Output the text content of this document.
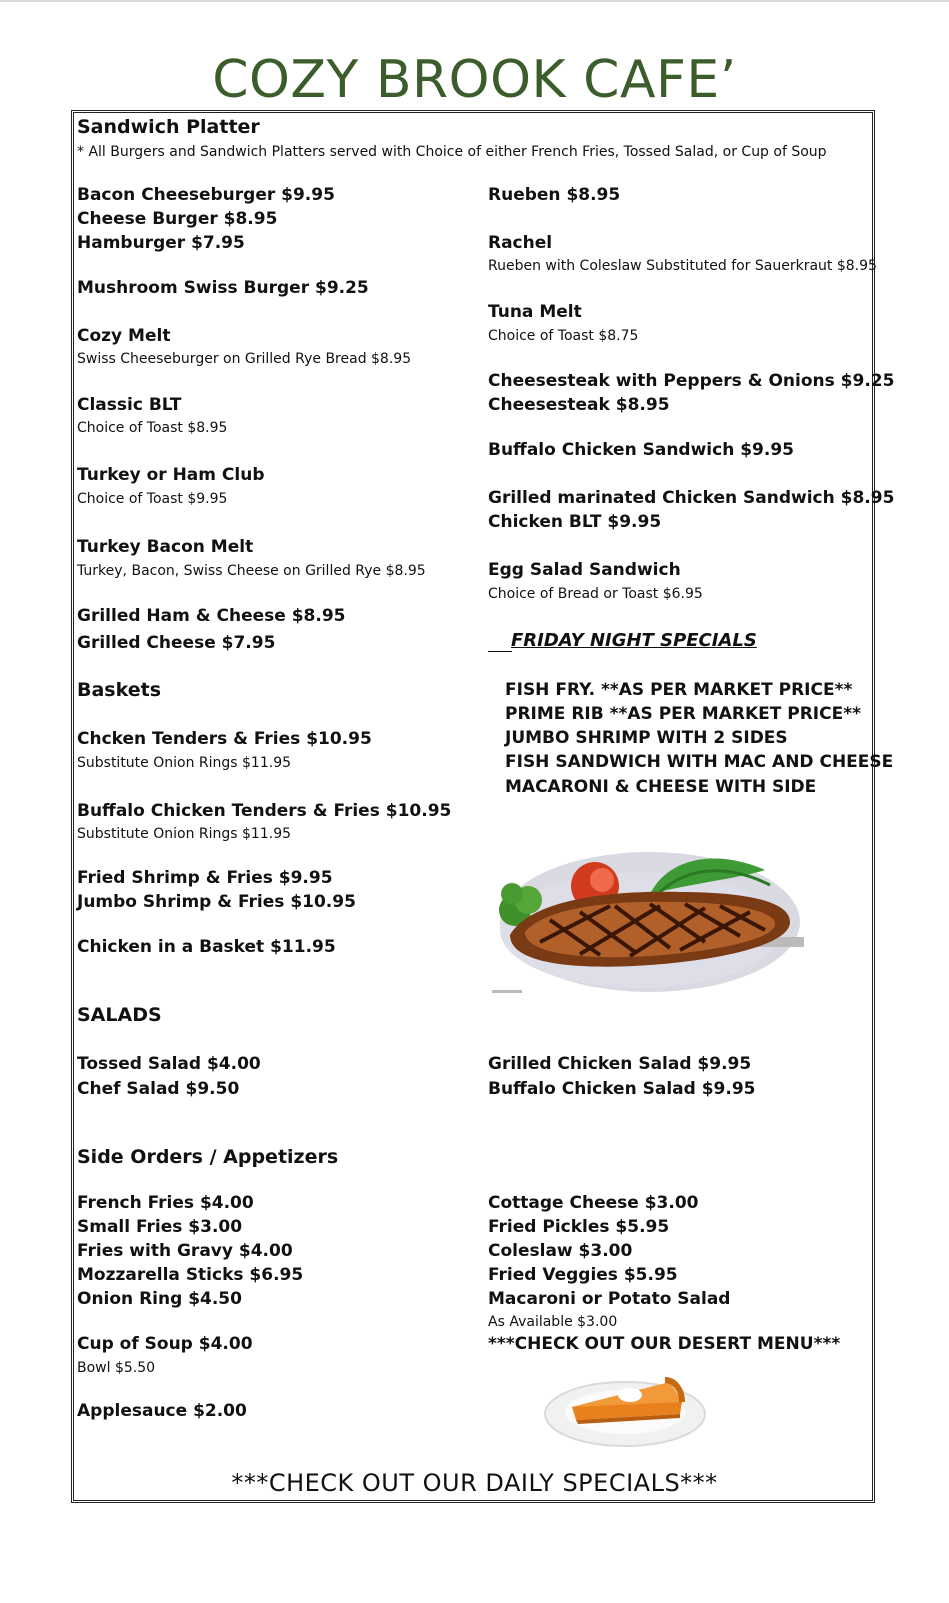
COZY BROOK CAFE’
Sandwich Platter
* All Burgers and Sandwich Platters served with Choice of either French Fries, Tossed Salad, or Cup of Soup
Bacon Cheeseburger $9.95
Cheese Burger $8.95
Hamburger $7.95
Mushroom Swiss Burger $9.25
Cozy Melt
Swiss Cheeseburger on Grilled Rye Bread $8.95
Classic BLT
Choice of Toast $8.95
Turkey or Ham Club
Choice of Toast $9.95
Turkey Bacon Melt
Turkey, Bacon, Swiss Cheese on Grilled Rye $8.95
Grilled Ham & Cheese $8.95
Grilled Cheese $7.95
Rueben $8.95
Rachel
Rueben with Coleslaw Substituted for Sauerkraut $8.95
Tuna Melt
Choice of Toast $8.75
Cheesesteak with Peppers & Onions $9.25
Cheesesteak $8.95
Buffalo Chicken Sandwich $9.95
Grilled marinated Chicken Sandwich $8.95
Chicken BLT $9.95
Egg Salad Sandwich
Choice of Bread or Toast $6.95
FRIDAY NIGHT SPECIALS
FISH FRY. **AS PER MARKET PRICE**
PRIME RIB **AS PER MARKET PRICE**
JUMBO SHRIMP WITH 2 SIDES
FISH SANDWICH WITH MAC AND CHEESE
MACARONI & CHEESE WITH SIDE
Baskets
Chcken Tenders & Fries $10.95
Substitute Onion Rings $11.95
Buffalo Chicken Tenders & Fries $10.95
Substitute Onion Rings $11.95
Fried Shrimp & Fries $9.95
Jumbo Shrimp & Fries $10.95
Chicken in a Basket $11.95
SALADS
Tossed Salad $4.00
Chef Salad $9.50
Grilled Chicken Salad $9.95
Buffalo Chicken Salad $9.95
Side Orders / Appetizers
French Fries $4.00
Small Fries $3.00
Fries with Gravy $4.00
Mozzarella Sticks $6.95
Onion Ring $4.50
Cup of Soup $4.00
Bowl $5.50
Applesauce $2.00
Cottage Cheese $3.00
Fried Pickles $5.95
Coleslaw $3.00
Fried Veggies $5.95
Macaroni or Potato Salad
As Available $3.00
***CHECK OUT OUR DESERT MENU***
***CHECK OUT OUR DAILY SPECIALS***
